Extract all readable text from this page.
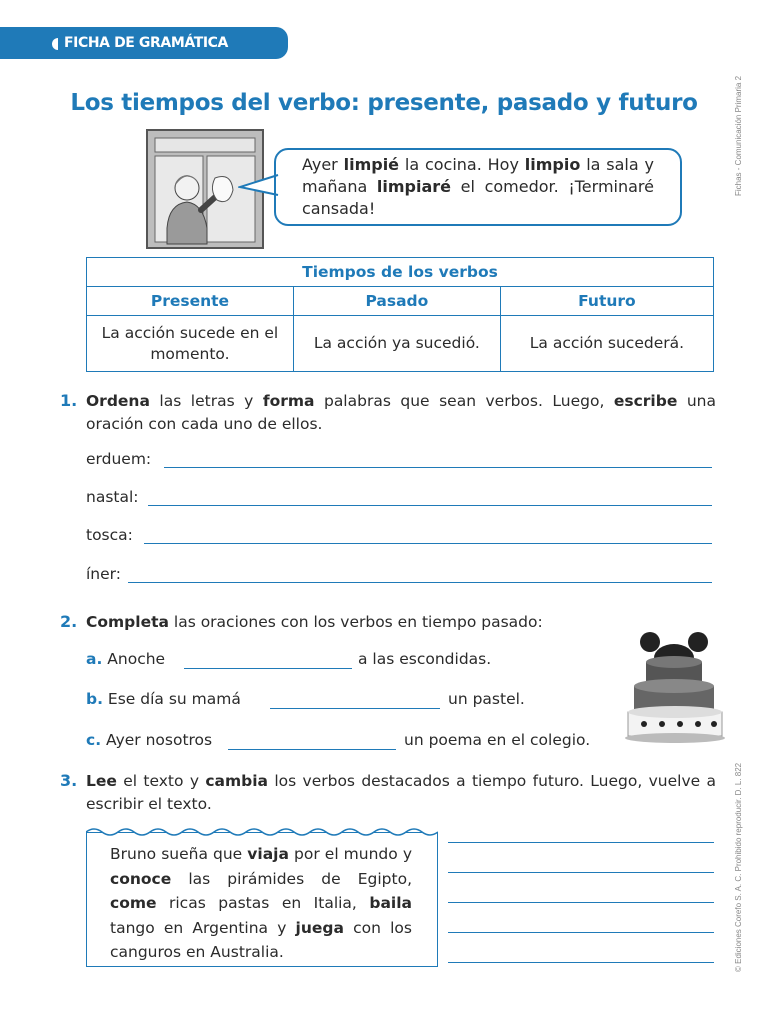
FICHA DE GRAMÁTICA
Los tiempos del verbo: presente, pasado y futuro	Fichas - Comunicación Primaria 2
© Ediciones Corefo S. A. C. Prohibido reproducir. D. L. 822
Ayer limpié la cocina. Hoy limpio la sala y mañana limpiaré el comedor. ¡Terminaré cansada!
Tiempos de los verbos		
Presente	Pasado	Futuro
La acción sucede en el momento.	La acción ya sucedió.	La acción sucederá.
1. Ordena las letras y forma palabras que sean verbos. Luego, escribe una oración con cada uno de ellos.
erduem:
nastal:
tosca:
íner:
2. Completa las oraciones con los verbos en tiempo pasado:
a. Anoche	a las escondidas.
b. Ese día su mamá	un pastel.
c. Ayer nosotros	un poema en el colegio.
3. Lee el texto y cambia los verbos destacados a tiempo futuro. Luego, vuelve a escribir el texto.
Bruno sueña que viaja por el mundo y conoce las pirámides de Egipto, come ricas pastas en Italia, baila tango en Argentina y juega con los canguros en Australia.
